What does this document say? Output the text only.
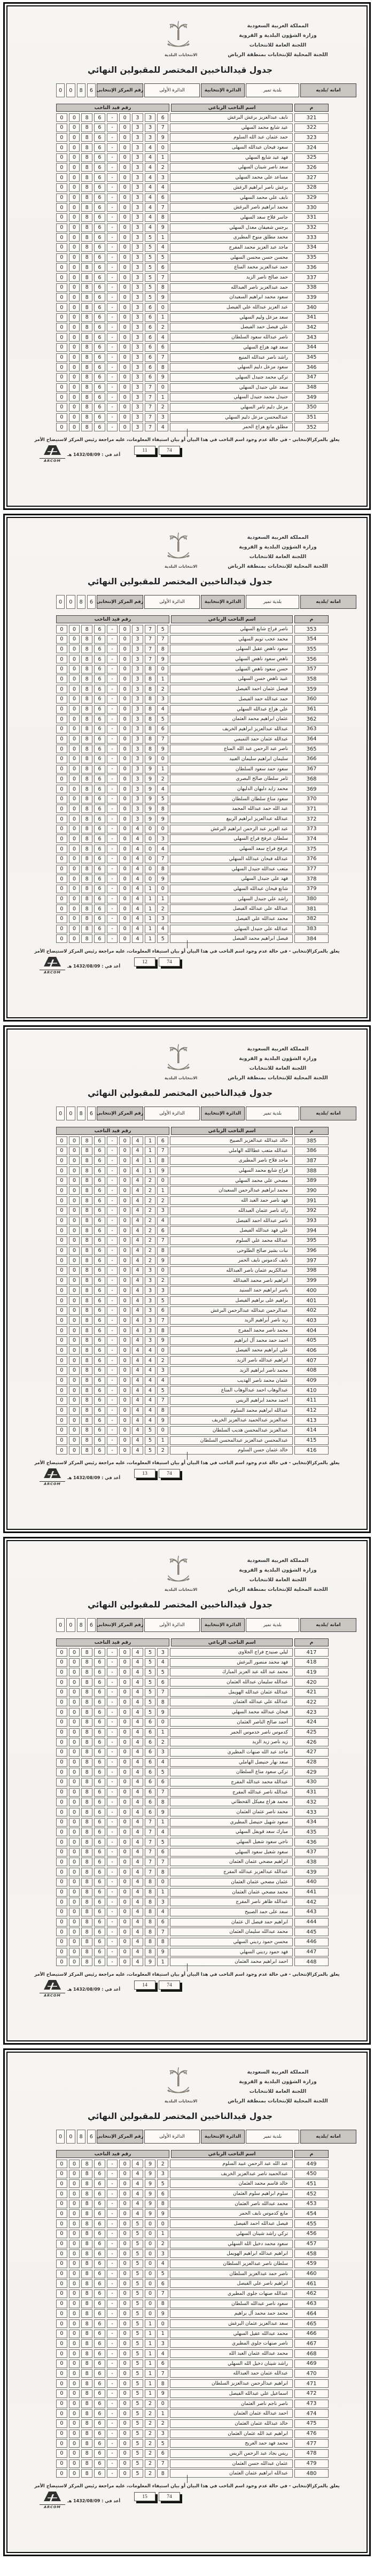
المملكة العربية السعودية
وزارة الشؤون البلدية و القروية
اللجنة العامة للانتخابات
اللجنة المحلية للإنتخابات بمنطقة الرياض
الانتخابات البلدية
جدول قيدالناخبين المختصر للمقبولين النهائي
امانه /بلديه
بلدية تمير
الدائرة الإنتخابية
الدائرة الأولى
رقم المركز الإنتخابى
0	0	8	6
م
اسم الناخب الرباعي
رقم قيد الناخب
321
نايف عبدالعزيز برغش البرغش
0	0	8	6	-	0	3	3	6
322
عيد شايع محمد السهلي
0	0	8	6	-	0	3	3	7
323
حمد عثمان عبد الله السلوم
0	0	8	6	-	0	3	3	9
324
سعود فيحان عبدالله السهلى
0	0	8	6	-	0	3	4	0
325
فهد عيد شايع السهلي
0	0	8	6	-	0	3	4	1
326
سعد ناصر شينان السهلي
0	0	8	6	-	0	3	4	2
327
مساعد علي محمد السهلي
0	0	8	6	-	0	3	4	3
328
برغش ناصر ابراهيم الرغش
0	0	8	6	-	0	3	4	4
329
نايف علي محمد السهلي
0	0	8	6	-	0	3	4	6
330
محمد ابراهيم ناصر البرغش
0	0	8	6	-	0	3	4	7
331
جاسر فلاح سعد السهلي
0	0	8	6	-	0	3	4	8
332
برجس شعيفان معدل السهلي
0	0	8	6	-	0	3	4	9
333
محمد مطلق منوخ المطيري
0	0	8	6	-	0	3	5	1
334
ماجد عبد العزيز محمد المفرج
0	0	8	6	-	0	3	5	4
335
محسن حسن محسن السهلي
0	0	8	6	-	0	3	5	5
336
حمد عبدالعزيز محمد المناع
0	0	8	6	-	0	3	5	6
337
حمد صالح ناصر الزيد
0	0	8	6	-	0	3	5	7
338
حمد عبدالعزيز ناصر العبدالله
0	0	8	6	-	0	3	5	8
339
سعود محمد ابراهيم السعيدان
0	0	8	6	-	0	3	5	9
340
عبد العزيز عبدالله علي الفيصل
0	0	8	6	-	0	3	6	0
341
سعد مزعل وليم السهلي
0	0	8	6	-	0	3	6	1
342
علي فيصل حمد الفيصل
0	0	8	6	-	0	3	6	2
343
ناصر عبدالله سعود السلطان
0	0	8	6	-	0	3	6	4
344
سعد فهد هزاع السهلي
0	0	8	6	-	0	3	6	6
345
راشد ناصر عبدالله المنيع
0	0	8	6	-	0	3	6	7
346
سعود مزعل دليم السهلي
0	0	8	6	-	0	3	6	8
347
تركي محمد جنيدل السهلي
0	0	8	6	-	0	3	6	9
348
سعد علي جنيدل السهلي
0	0	8	6	-	0	3	7	0
349
جنيدل محمد جنيدل السهلي
0	0	8	6	-	0	3	7	1
350
مزعل دليم ثامر السهلي
0	0	8	6	-	0	3	7	2
351
عبدالمحسن مزعل دليم السهلي
0	0	8	6	-	0	3	7	3
352
مطلق مانع هزاع الحمر
0	0	8	6	-	0	3	7	4
يعلق بالمركزالإنتخابي - في حالة عدم وجود اسم الناخب في هذا البيان أو بيان استيفاء المعلومات، عليه مراجعة رئيس المركز لاستيضاح الأمر
11	74
ARCOM
أعد في : 1432/08/09 هـ
المملكة العربية السعودية
وزارة الشؤون البلدية و القروية
اللجنة العامة للانتخابات
اللجنة المحلية للإنتخابات بمنطقة الرياض
الانتخابات البلدية
جدول قيدالناخبين المختصر للمقبولين النهائي
امانه /بلديه
بلدية تمير
الدائرة الإنتخابية
الدائرة الأولى
رقم المركز الإنتخابى
0	0	8	6
م
اسم الناخب الرباعي
رقم قيد الناخب
353
ناصر فراج شايع السهلي
0	0	8	6	-	0	3	7	5
354
محمد عجب تويم السهلي
0	0	8	6	-	0	3	7	7
355
سعود ناهض عقيل السهلى
0	0	8	6	-	0	3	7	8
356
ناهض سعود ناهض السهلي
0	0	8	6	-	0	3	7	9
357
حسن سعود ناهض السهلى
0	0	8	6	-	0	3	8	0
358
عبيد ناهض حسن السهلي
0	0	8	6	-	0	3	8	1
359
فيصل عثمان احمد الفيصل
0	0	8	6	-	0	3	8	2
360
حمد عبدالله حمد الفيصل
0	0	8	6	-	0	3	8	3
361
علي هزاع عبدالله السهلي
0	0	8	6	-	0	3	8	4
362
عثمان ابراهيم محمد العثمان
0	0	8	6	-	0	3	8	5
363
عبدالله عبدالعزيز ابراهيم الخريف
0	0	8	6	-	0	3	8	6
364
عبدالله عثمان حمد التميمي
0	0	8	6	-	0	3	8	7
365
ناصر عبد الرحمن عبد الله المناع
0	0	8	6	-	0	3	8	9
366
سليمان ابراهيم سليمان العبيد
0	0	8	6	-	0	3	9	0
367
سعود حمد سعود السلطان
0	0	8	6	-	0	3	9	1
368
ثامر سلطان صالح البصري
0	0	8	6	-	0	3	9	2
369
محمد زايد دليهان الدليهان
0	0	8	6	-	0	3	9	4
370
سعود مناع سلطان السلطان
0	0	8	6	-	0	3	9	5
371
عبد الله حمد عبدالله المحمد
0	0	8	6	-	0	3	9	8
372
عبدالله عبدالعزيز ابراهيم الربيع
0	0	8	6	-	0	3	9	9
373
عبد العزيز عبد الرحمن ابراهيم البرغش
0	0	8	6	-	0	4	0	0
374
سلطان عرفج فراج السهلي
0	0	8	6	-	0	4	0	3
375
عرفج فراج سعد السهلي
0	0	8	6	-	0	4	0	4
376
عبدالله فيحان عبدالله السهلي
0	0	8	6	-	0	4	0	7
377
متعب عبدالله جنيدل السهلي
0	0	8	6	-	0	4	0	8
378
فهد علي جنيدل السهلي
0	0	8	6	-	0	4	0	9
379
شانع فيحان عبدالله السهلي
0	0	8	6	-	0	4	1	0
380
راشد علي جنيدل السهلي
0	0	8	6	-	0	4	1	1
381
عبدالله علي عبدالله الفيصل
0	0	8	6	-	0	4	1	2
382
محمد عبدالله علي الفيصل
0	0	8	6	-	0	4	1	3
383
عبدالله علي جنيدل السهلي
0	0	8	6	-	0	4	1	4
384
فيصل ابراهيم محمد الفيصل
0	0	8	6	-	0	4	1	5
يعلق بالمركزالإنتخابي - في حالة عدم وجود اسم الناخب في هذا البيان أو بيان استيفاء المعلومات، عليه مراجعة رئيس المركز لاستيضاح الأمر
12	74
ARCOM
أعد في : 1432/08/09 هـ
المملكة العربية السعودية
وزارة الشؤون البلدية و القروية
اللجنة العامة للانتخابات
اللجنة المحلية للإنتخابات بمنطقة الرياض
الانتخابات البلدية
جدول قيدالناخبين المختصر للمقبولين النهائي
امانه /بلديه
بلدية تمير
الدائرة الإنتخابية
الدائرة الأولى
رقم المركز الإنتخابى
0	0	8	6
م
اسم الناخب الرباعي
رقم قيد الناخب
385
خالد عبدالله عبدالعزيز الصبيح
0	0	8	6	-	0	4	1	6
386
عبدالله متعب عطاالله الهاملي
0	0	8	6	-	0	4	1	7
387
ماجد فلاح ناصر المطيرى
0	0	8	6	-	0	4	1	8
388
فراج شايع محمد السهلي
0	0	8	6	-	0	4	1	9
389
مضحي علي محمد السهلي
0	0	8	6	-	0	4	2	0
390
محمد ابراهيم عبدالرحمن السعيدان
0	0	8	6	-	0	4	2	1
391
فهد ناصر حمد العبد الله
0	0	8	6	-	0	4	2	2
392
رائد ناصر عثمان العبدالله
0	0	8	6	-	0	4	2	3
393
ناصر عبدالله احمد الفيصل
0	0	8	6	-	0	4	2	4
394
علي فهد عبدالله الفيصل
0	0	8	6	-	0	4	2	6
395
عبدالله محمد علي السلوم
0	0	8	6	-	0	4	2	7
396
نبات بشير صالح الطلوحى
0	0	8	6	-	0	4	2	8
397
نايف كدموس نايف الحمر
0	0	8	6	-	0	4	2	9
398
عبدالكريم عثمان ناصر العبدالله
0	0	8	6	-	0	4	3	0
399
ابراهيم ناصر محمد العبدالله
0	0	8	6	-	0	4	3	2
400
ياسر ابراهيم حمد السنيد
0	0	8	6	-	0	4	3	3
401
براهيم على براهيم الفيصل
0	0	8	6	-	0	4	3	5
402
عبدالرحمن عبدالله عبدالرحمن البرغش
0	0	8	6	-	0	4	3	6
403
زيد ناصر أبراهيم الزيد
0	0	8	6	-	0	4	3	7
404
محمد ناصر محمد المفرج
0	0	8	6	-	0	4	3	8
405
احمد حمد محمد آل ابراهيم
0	0	8	6	-	0	4	3	9
406
علي ابراهيم محمد الفيصل
0	0	8	6	-	0	4	4	0
407
ابراهيم عبدالله ناصر الزيد
0	0	8	6	-	0	4	4	2
408
محمد ناصر ابراهيم الزيد
0	0	8	6	-	0	4	4	3
409
عثمان محمد ناصر الهديب
0	0	8	6	-	0	4	4	4
410
عبدالوهاب احمد عبدالوهاب المناع
0	0	8	6	-	0	4	4	5
411
احمد محمد ابراهيم الريس
0	0	8	6	-	0	4	4	7
412
عبدالله ابراهيم محمد السلوم
0	0	8	6	-	0	4	4	8
413
عبدالعزيز عبدالحميد عبدالعزيز الخريف
0	0	8	6	-	0	4	4	9
414
عبدالعزيز عبدالمحسن هديب السلطان
0	0	8	6	-	0	4	5	0
415
عبدالمحسن عبدالعزيز عبدالمحسن السلطان
0	0	8	6	-	0	4	5	1
416
خالد عثمان حسن السلوم
0	0	8	6	-	0	4	5	2
يعلق بالمركزالإنتخابي - في حالة عدم وجود اسم الناخب في هذا البيان أو بيان استيفاء المعلومات، عليه مراجعة رئيس المركز لاستيضاح الأمر
13	74
ARCOM
أعد في : 1432/08/09 هـ
المملكة العربية السعودية
وزارة الشؤون البلدية و القروية
اللجنة العامة للانتخابات
اللجنة المحلية للإنتخابات بمنطقة الرياض
الانتخابات البلدية
جدول قيدالناخبين المختصر للمقبولين النهائي
امانه /بلديه
بلدية تمير
الدائرة الإنتخابية
الدائرة الأولى
رقم المركز الإنتخابى
0	0	8	6
م
اسم الناخب الرباعي
رقم قيد الناخب
417
ليلي صنيدح فراج الجلاوي
0	0	8	6	-	0	4	5	3
418
فهد محمد منصور البرغش
0	0	8	6	-	0	4	5	4
419
محمد عبد الله عبد العزيز المبارك
0	0	8	6	-	0	4	5	5
420
عبدالله سليمان عبدالله العثمان
0	0	8	6	-	0	4	5	6
421
عبدالله عثمان عبدالله الهويمل
0	0	8	6	-	0	4	5	7
422
عبدالله علي عبدالله العثمان
0	0	8	6	-	0	4	5	8
423
فيحان عبدالله محمد السهلي
0	0	8	6	-	0	4	5	9
424
أحمد صالح الناصر العثمان
0	0	8	6	-	0	4	6	0
425
كدموس ناصر خدموس الحمر
0	0	8	6	-	0	4	6	1
426
زيد ناصر زيد الزيد
0	0	8	6	-	0	4	6	2
427
ماجد عبد الله صنهات المطيري
0	0	8	6	-	0	4	6	3
428
سعد نهار حنيضل الهاملي
0	0	8	6	-	0	4	6	4
429
تركي سعود مناع السلطان
0	0	8	6	-	0	4	6	5
430
عبدالله محمد عبدالله المفرج
0	0	8	6	-	0	4	6	6
431
عبدالله ناصر عبدالله المفرج
0	0	8	6	-	0	4	6	7
432
محمد هزاع معيكل القحطاني
0	0	8	6	-	0	4	6	8
433
محمد ناصر عثمان العثمان
0	0	8	6	-	0	4	6	9
434
سعود شهيل حنيضل المطيري
0	0	8	6	-	0	4	7	1
435
مبارك سعد قويفل السهلي
0	0	8	6	-	0	4	7	4
436
ناجي سعود شعيل السهلي
0	0	8	6	-	0	4	7	5
437
سعود شعيل سعود السهلي
0	0	8	6	-	0	4	7	6
438
ابراهيم مضحي عثمان العثمان
0	0	8	6	-	0	4	7	7
439
عبدالله عبدالعزيز عبدالله المفرج
0	0	8	6	-	0	4	7	8
440
عثمان مضحي عثمان العثمان
0	0	8	6	-	0	4	8	0
441
محمد مضحي عثمان العثمان
0	0	8	6	-	0	4	8	1
442
عبدالله ظاهر ناصر المفرج
0	0	8	6	-	0	4	8	3
443
سعد على حمد الصبيح
0	0	8	6	-	0	4	8	4
444
ابراهيم حمد فيصل ال عثمان
0	0	8	6	-	0	4	8	6
445
محمد عبدالله سليمان العثمان
0	0	8	6	-	0	4	8	7
446
محسن حمود رديني السهلي
0	0	8	6	-	0	4	8	8
447
فهد حمود رديني السهلي
0	0	8	6	-	0	4	8	9
448
احمد ابراهيم محمد العثمان
0	0	8	6	-	0	4	9	1
يعلق بالمركزالإنتخابي - في حالة عدم وجود اسم الناخب في هذا البيان أو بيان استيفاء المعلومات، عليه مراجعة رئيس المركز لاستيضاح الأمر
14	74
ARCOM
أعد في : 1432/08/09 هـ
المملكة العربية السعودية
وزارة الشؤون البلدية و القروية
اللجنة العامة للانتخابات
اللجنة المحلية للإنتخابات بمنطقة الرياض
الانتخابات البلدية
جدول قيدالناخبين المختصر للمقبولين النهائي
امانه /بلديه
بلدية تمير
الدائرة الإنتخابية
الدائرة الأولى
رقم المركز الإنتخابى
0	0	8	6
م
اسم الناخب الرباعي
رقم قيد الناخب
449
عبد الله عبد الرحمن عبيد السلوم
0	0	8	6	-	0	4	9	2
450
عبدالحميد ناصر عبدالعزيز الخريف
0	0	8	6	-	0	4	9	3
451
خالد قاسم محمد العثمان
0	0	8	6	-	0	4	9	5
452
سلوم ابراهيم سلوم العثمان
0	0	8	6	-	0	4	9	6
453
محمد عبدالله ناصر العثمان
0	0	8	6	-	0	4	9	8
454
مانع كدموس نايف الحمر
0	0	8	6	-	0	4	9	9
455
فيصل عبدالله احمد الفيصل
0	0	8	6	-	0	5	0	0
456
تركي راشد شينان السهلي
0	0	8	6	-	0	5	0	1
457
سعود محمد دخيل الله السهلي
0	0	8	6	-	0	5	0	2
458
ابراهيم عبدالله ابراهيم الهويمل
0	0	8	6	-	0	5	0	3
459
سلطان ناصر عبدالعزيز السلطان
0	0	8	6	-	0	5	0	4
460
ناصر حمد عبدالعزيز السلطان
0	0	8	6	-	0	5	0	5
461
ابراهيم ناصر علي الفيصل
0	0	8	6	-	0	5	0	6
462
عبدالله صنهات جلوي المطيري
0	0	8	6	-	0	5	0	7
463
سعود ناصر عبدالله السلطان
0	0	8	6	-	0	5	0	8
464
محمد حمد محمد آل براهيم
0	0	8	6	-	0	5	0	9
465
سعد عبدالعزيز عثمان البرغش
0	0	8	6	-	0	5	1	0
466
محمد عبدالله عقيل السهلي
0	0	8	6	-	0	5	1	1
467
ناصر صنهات جلوي المطيري
0	0	8	6	-	0	5	1	3
468
محمد عبدالله عثمان العبد الله
0	0	8	6	-	0	5	1	4
469
راشد شينان دخيل الله السهلي
0	0	8	6	-	0	5	1	6
470
عبدالله عثمان حمد العبدالله
0	0	8	6	-	0	5	1	7
471
ابراهيم عبدالرحمن عبدالعزيز السلطان
0	0	8	6	-	0	5	1	8
472
اسماعيل علي عبدالله الفيصل
0	0	8	6	-	0	5	1	9
473
ناصر ناجم ناصر العثمان
0	0	8	6	-	0	5	2	0
474
احمد عبدالله عثمان العثمان
0	0	8	6	-	0	5	2	1
475
خالد عبدالله عثمان العثمان
0	0	8	6	-	0	5	2	2
476
ابراهيم عبد الله عثمان العثمان
0	0	8	6	-	0	5	2	3
477
محمد فهد حمد العريج
0	0	8	6	-	0	5	2	5
478
ريس بجاد عبد الرحمن الريس
0	0	8	6	-	0	5	2	6
479
عثمان عبدالله حسن العثمان
0	0	8	6	-	0	5	2	7
480
عبدالله ابراهيم عثمان العثمان
0	0	8	6	-	0	5	2	8
يعلق بالمركزالإنتخابي - في حالة عدم وجود اسم الناخب في هذا البيان أو بيان استيفاء المعلومات، عليه مراجعة رئيس المركز لاستيضاح الأمر
15	74
ARCOM
أعد في : 1432/08/09 هـ
